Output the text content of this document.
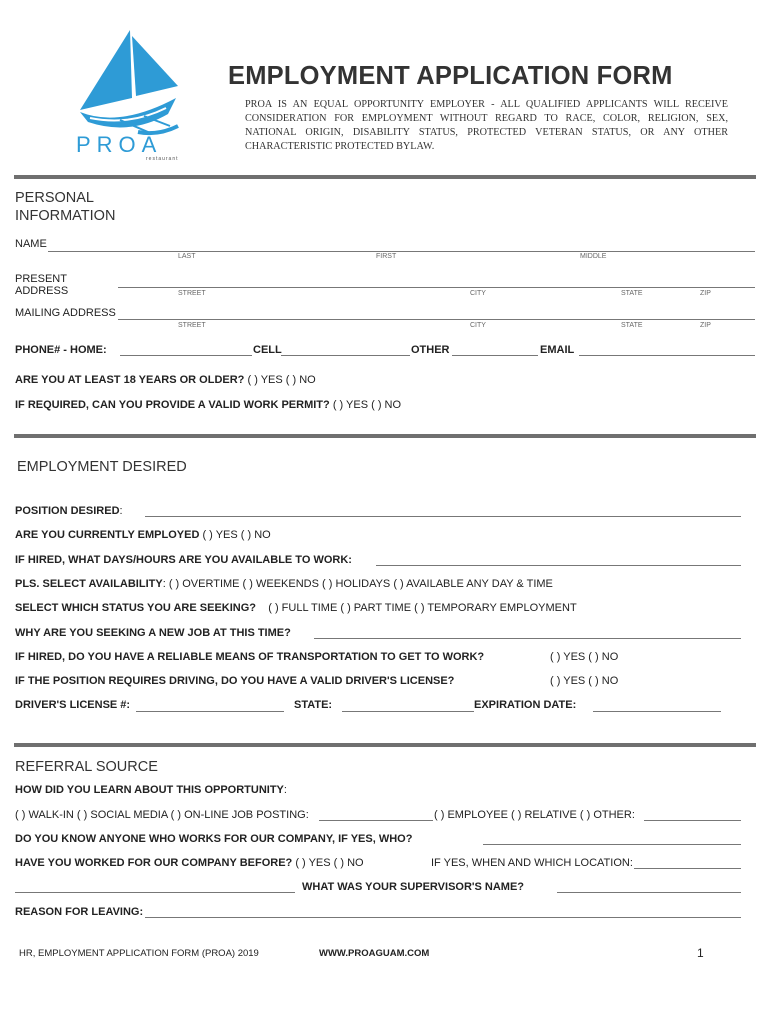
PROA
restaurant
EMPLOYMENT APPLICATION FORM
PROA IS AN EQUAL OPPORTUNITY EMPLOYER - ALL QUALIFIED APPLICANTS WILL RECEIVE CONSIDERATION FOR EMPLOYMENT WITHOUT REGARD TO RACE, COLOR, RELIGION, SEX, NATIONAL ORIGIN, DISABILITY STATUS, PROTECTED VETERAN STATUS, OR ANY OTHER CHARACTERISTIC PROTECTED BYLAW.
PERSONAL
INFORMATION
NAME
LAST	FIRST	MIDDLE
PRESENT
ADDRESS	STREET	CITY	STATE	ZIP
MAILING ADDRESS
STREET	CITY	STATE	ZIP
PHONE# - HOME:	CELL	OTHER	EMAIL
ARE YOU AT LEAST 18 YEARS OR OLDER? ( ) YES ( ) NO
IF REQUIRED, CAN YOU PROVIDE A VALID WORK PERMIT? ( ) YES ( ) NO
EMPLOYMENT DESIRED
POSITION DESIRED:
ARE YOU CURRENTLY EMPLOYED ( ) YES ( ) NO
IF HIRED, WHAT DAYS/HOURS ARE YOU AVAILABLE TO WORK:
PLS. SELECT AVAILABILITY: ( ) OVERTIME ( ) WEEKENDS ( ) HOLIDAYS ( ) AVAILABLE ANY DAY & TIME
SELECT WHICH STATUS YOU ARE SEEKING? ( ) FULL TIME ( ) PART TIME ( ) TEMPORARY EMPLOYMENT
WHY ARE YOU SEEKING A NEW JOB AT THIS TIME?
IF HIRED, DO YOU HAVE A RELIABLE MEANS OF TRANSPORTATION TO GET TO WORK?	( ) YES ( ) NO
IF THE POSITION REQUIRES DRIVING, DO YOU HAVE A VALID DRIVER'S LICENSE?	( ) YES ( ) NO
DRIVER'S LICENSE #:	STATE:	EXPIRATION DATE:
REFERRAL SOURCE
HOW DID YOU LEARN ABOUT THIS OPPORTUNITY:
( ) WALK-IN ( ) SOCIAL MEDIA ( ) ON-LINE JOB POSTING:	( ) EMPLOYEE ( ) RELATIVE ( ) OTHER:
DO YOU KNOW ANYONE WHO WORKS FOR OUR COMPANY, IF YES, WHO?
HAVE YOU WORKED FOR OUR COMPANY BEFORE? ( ) YES ( ) NO	IF YES, WHEN AND WHICH LOCATION:
WHAT WAS YOUR SUPERVISOR'S NAME?
REASON FOR LEAVING:
HR, EMPLOYMENT APPLICATION FORM (PROA) 2019	WWW.PROAGUAM.COM	1
